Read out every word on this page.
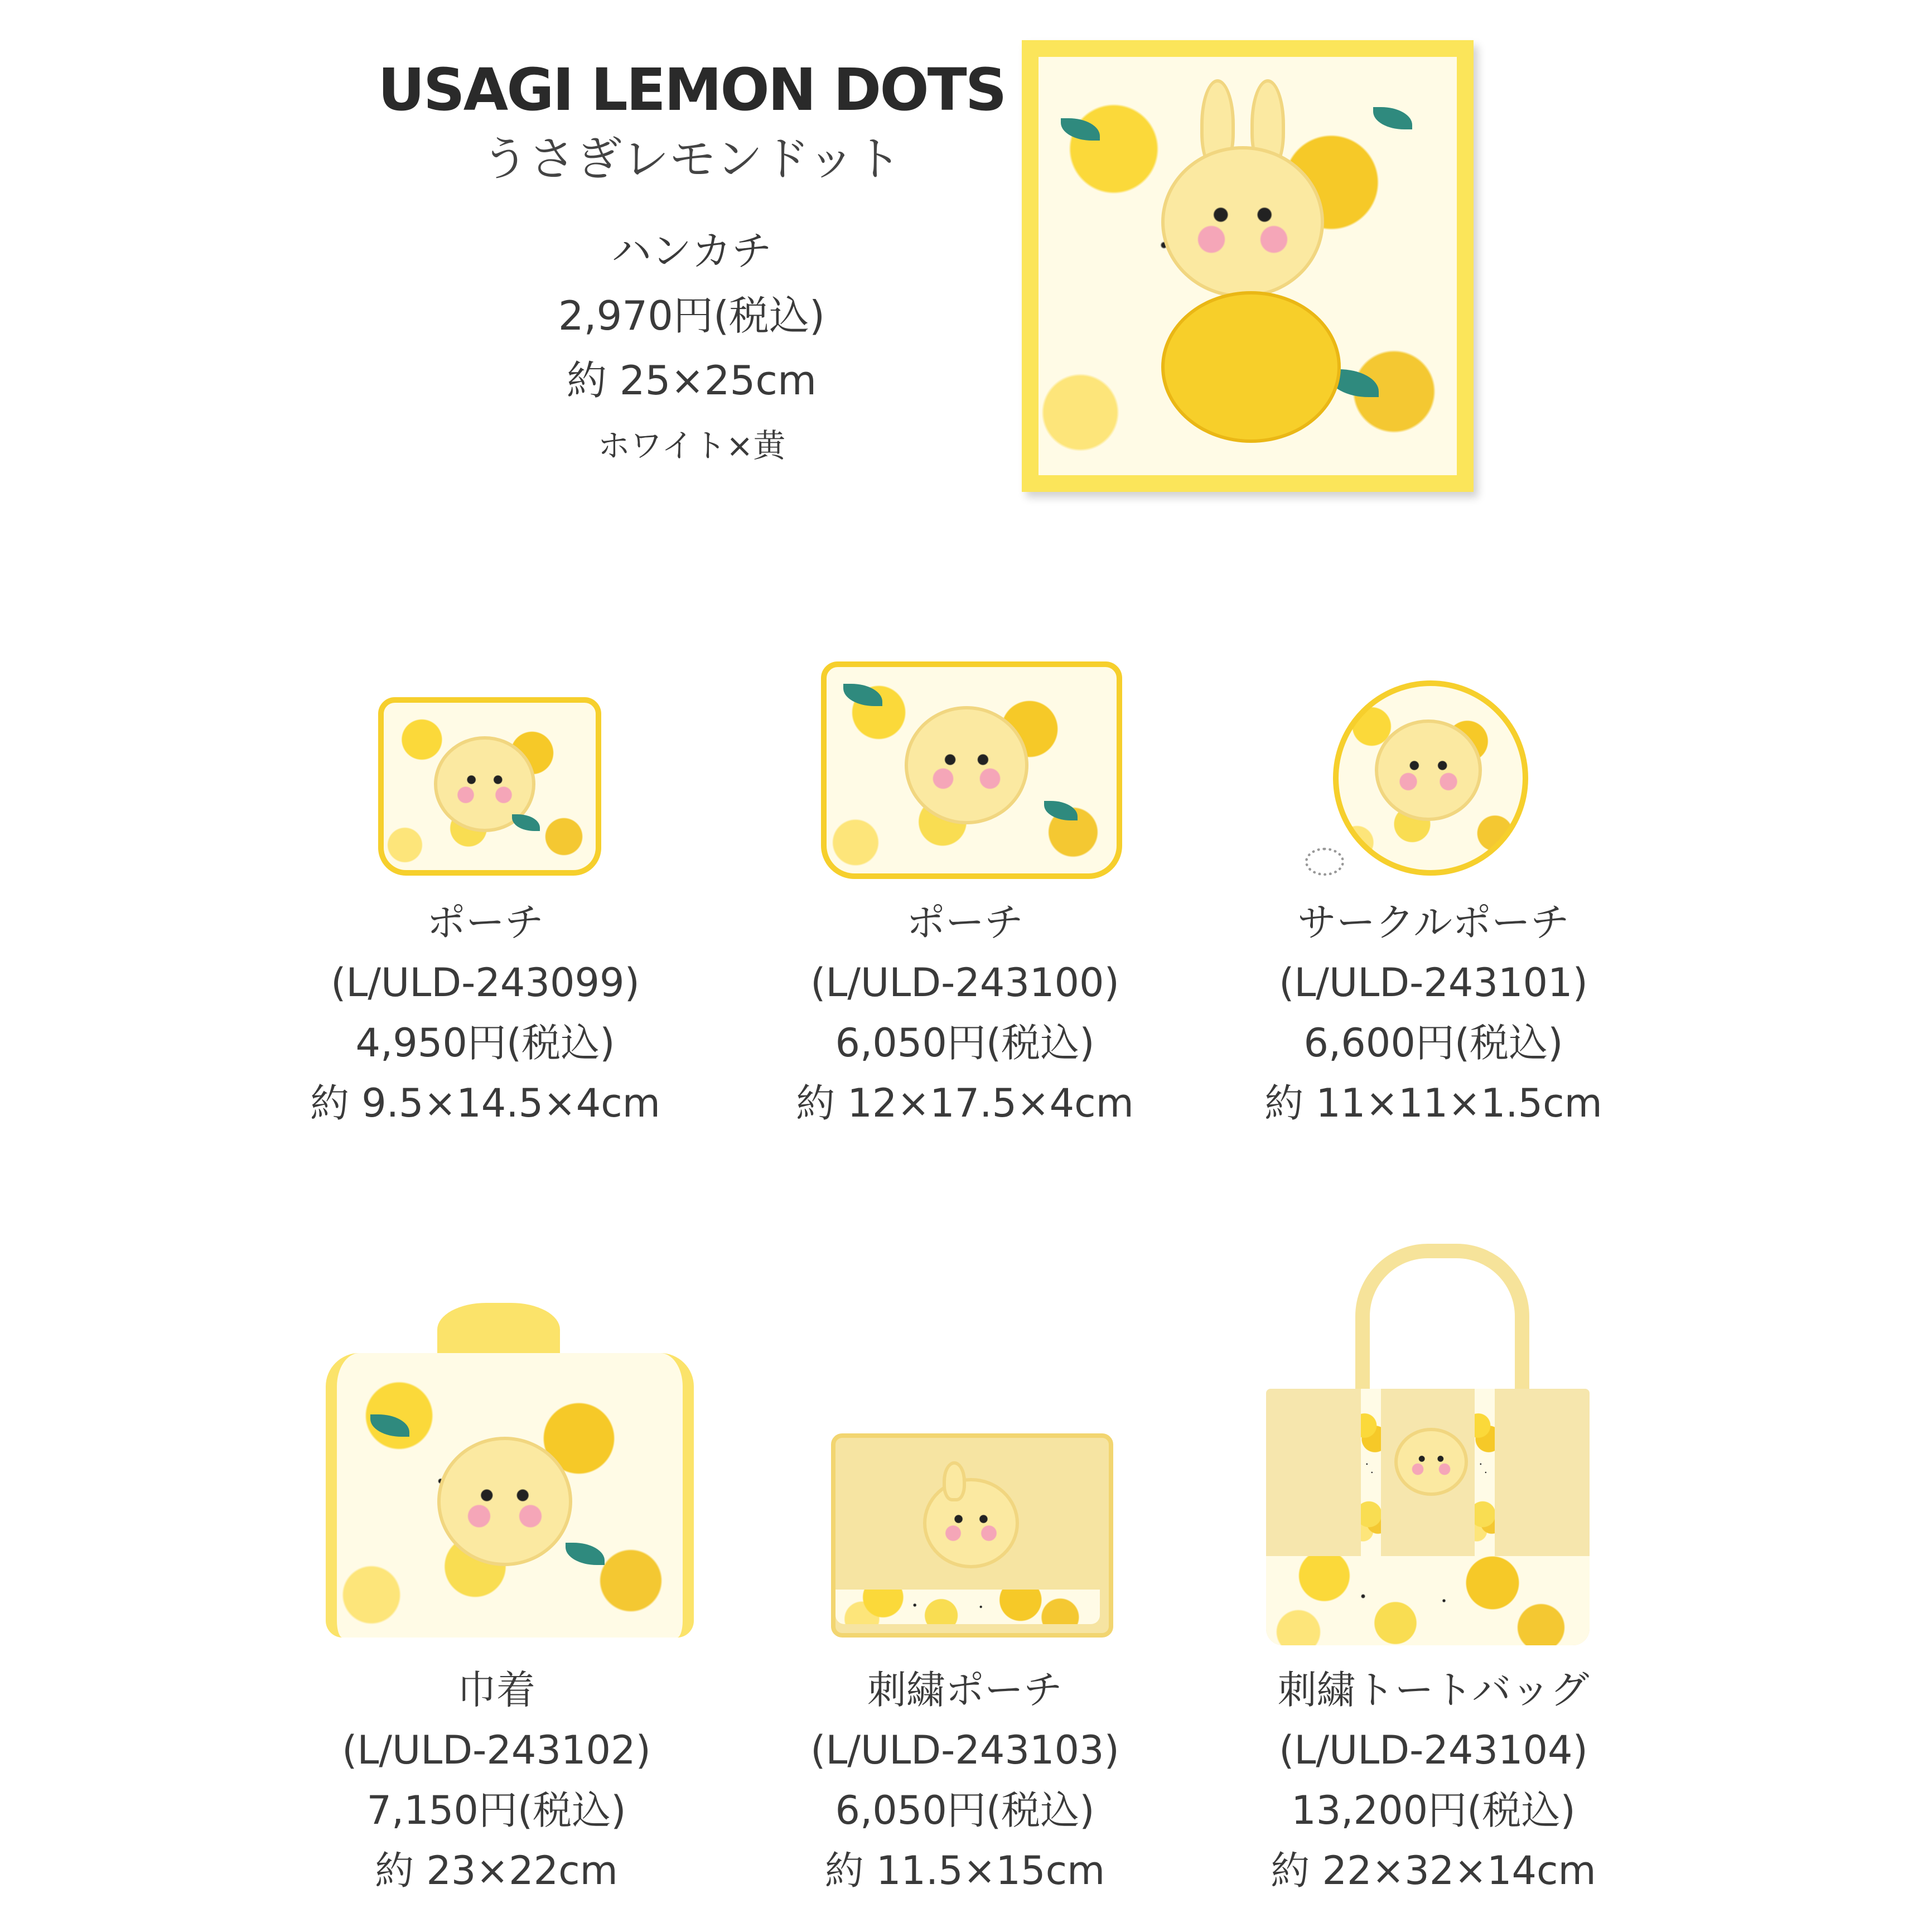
USAGI LEMON DOTS
うさぎレモンドット
ハンカチ
2,970円(税込)
約 25×25cm
ホワイト×黄
ポーチ
(L/ULD-243099)
4,950円(税込)
約 9.5×14.5×4cm
ポーチ
(L/ULD-243100)
6,050円(税込)
約 12×17.5×4cm
サークルポーチ
(L/ULD-243101)
6,600円(税込)
約 11×11×1.5cm
巾着
(L/ULD-243102)
7,150円(税込)
約 23×22cm
刺繍ポーチ
(L/ULD-243103)
6,050円(税込)
約 11.5×15cm
刺繍トートバッグ
(L/ULD-243104)
13,200円(税込)
約 22×32×14cm
